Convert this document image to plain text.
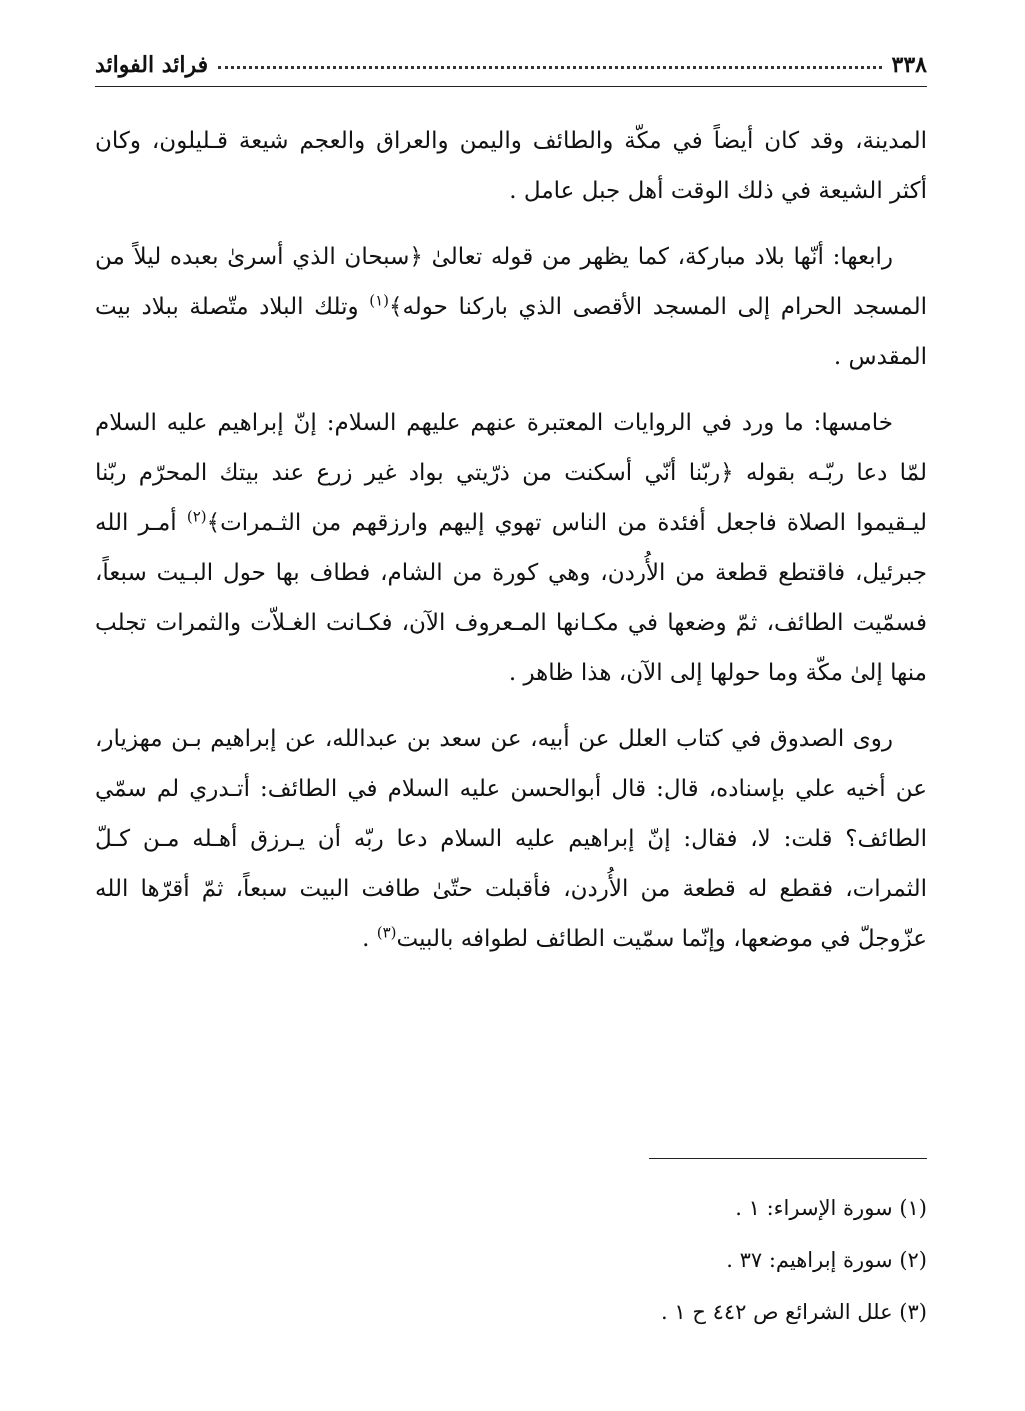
٣٣٨
فرائد الفوائد

المدينة، وقد كان أيضاً في مكّة والطائف واليمن والعراق والعجم شيعة قـليلون، وكان أكثر الشيعة في ذلك الوقت أهل جبل عامل .

رابعها: أنّها بلاد مباركة، كما يظهر من قوله تعالىٰ ﴿سبحان الذي أسرىٰ بعبده ليلاً من المسجد الحرام إلى المسجد الأقصى الذي باركنا حوله﴾$^{(١)}$ وتلك البلاد متّصلة ببلاد بيت المقدس .

خامسها: ما ورد في الروايات المعتبرة عنهم عليهم السلام: إنّ إبراهيم عليه السلام لمّا دعا ربّـه بقوله ﴿ربّنا أنّي أسكنت من ذرّيتي بواد غير زرع عند بيتك المحرّم ربّنا ليـقيموا الصلاة فاجعل أفئدة من الناس تهوي إليهم وارزقهم من الثـمرات﴾$^{(٢)}$ أمـر الله جبرئيل، فاقتطع قطعة من الأُردن، وهي كورة من الشام، فطاف بها حول البـيت سبعاً، فسمّيت الطائف، ثمّ وضعها في مكـانها المـعروف الآن، فكـانت الغـلاّت والثمرات تجلب منها إلىٰ مكّة وما حولها إلى الآن، هذا ظاهر .

روى الصدوق في كتاب العلل عن أبيه، عن سعد بن عبدالله، عن إبراهيم بـن مهزيار، عن أخيه علي بإسناده، قال: قال أبوالحسن عليه السلام في الطائف: أتـدري لم سمّي الطائف؟ قلت: لا، فقال: إنّ إبراهيم عليه السلام دعا ربّه أن يـرزق أهـله مـن كـلّ الثمرات، فقطع له قطعة من الأُردن، فأقبلت حتّىٰ طافت البيت سبعاً، ثمّ أقرّها الله عزّوجلّ في موضعها، وإنّما سمّيت الطائف لطوافه بالبيت$^{(٣)}$ .

(١) سورة الإسراء: ١ .
(٢) سورة إبراهيم: ٣٧ .
(٣) علل الشرائع ص ٤٤٢ ح ١ .
